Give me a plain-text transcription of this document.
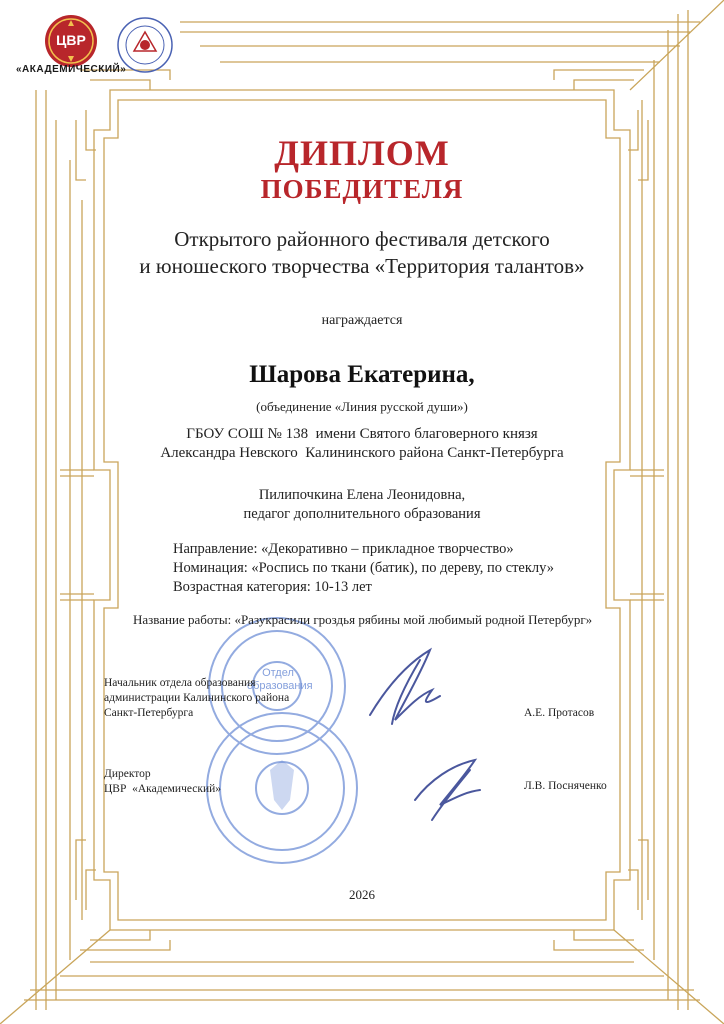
ЦВР
«АКАДЕМИЧЕСКИЙ»
ДИПЛОМ
ПОБЕДИТЕЛЯ
Открытого районного фестиваля детского
и юношеского творчества «Территория талантов»
награждается
Шарова Екатерина,
(объединение «Линия русской души»)
ГБОУ СОШ № 138  имени Святого благоверного князя
Александра Невского  Калининского района Санкт-Петербурга
Пилипочкина Елена Леонидовна,
педагог дополнительного образования
Направление: «Декоративно – прикладное творчество»
Номинация: «Роспись по ткани (батик), по дереву, по стеклу»
Возрастная категория: 10-13 лет
Название работы: «Разукрасили гроздья рябины мой любимый родной Петербург»
Отдел
образования
Начальник отдела образования
администрации Калининского района
Санкт-Петербурга	А.Е. Протасов
Директор
ЦВР  «Академический»	Л.В. Посняченко
2026
